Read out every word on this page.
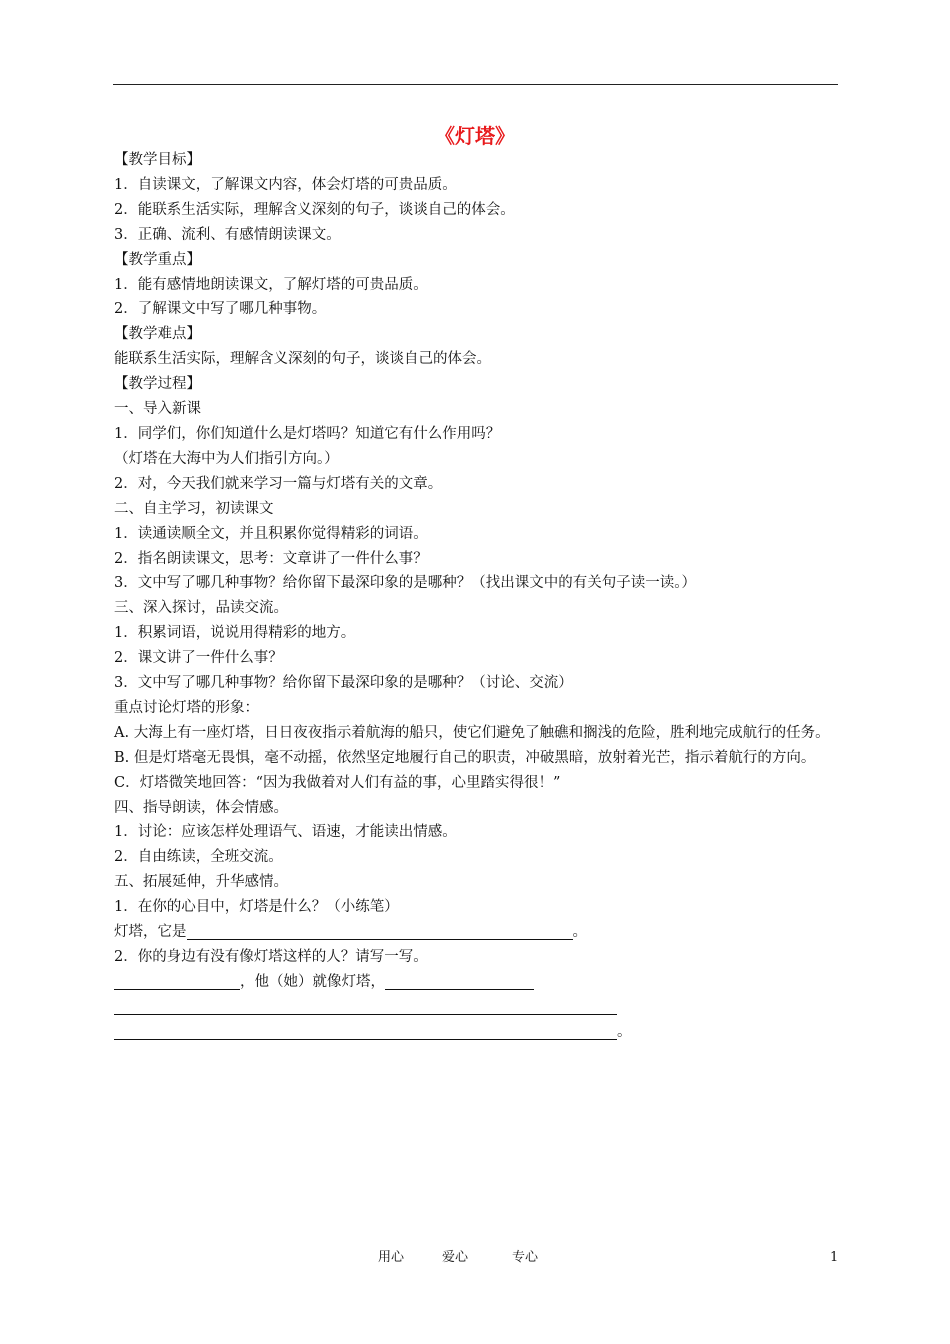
《灯塔》
【教学目标】
1．自读课文，了解课文内容，体会灯塔的可贵品质。
2．能联系生活实际，理解含义深刻的句子，谈谈自己的体会。
3．正确、流利、有感情朗读课文。
【教学重点】
1．能有感情地朗读课文，了解灯塔的可贵品质。
2．了解课文中写了哪几种事物。
【教学难点】
能联系生活实际，理解含义深刻的句子，谈谈自己的体会。
【教学过程】
一、导入新课
1．同学们，你们知道什么是灯塔吗？知道它有什么作用吗？
（灯塔在大海中为人们指引方向。）
2．对，今天我们就来学习一篇与灯塔有关的文章。
二、自主学习，初读课文
1．读通读顺全文，并且积累你觉得精彩的词语。
2．指名朗读课文，思考：文章讲了一件什么事？
3．文中写了哪几种事物？给你留下最深印象的是哪种？（找出课文中的有关句子读一读。）
三、深入探讨，品读交流。
1．积累词语，说说用得精彩的地方。
2．课文讲了一件什么事？
3．文中写了哪几种事物？给你留下最深印象的是哪种？（讨论、交流）
重点讨论灯塔的形象：
A. 大海上有一座灯塔，日日夜夜指示着航海的船只，使它们避免了触礁和搁浅的危险，胜利地完成航行的任务。
B. 但是灯塔毫无畏惧，毫不动摇，依然坚定地履行自己的职责，冲破黑暗，放射着光芒，指示着航行的方向。
C．灯塔微笑地回答：“因为我做着对人们有益的事，心里踏实得很！”
四、指导朗读，体会情感。
1．讨论：应该怎样处理语气、语速，才能读出情感。
2．自由练读，全班交流。
五、拓展延伸，升华感情。
1．在你的心目中，灯塔是什么？（小练笔）
灯塔，它是	。
2．你的身边有没有像灯塔这样的人？请写一写。
，他（她）就像灯塔，
。
用心	爱心	专心	1
